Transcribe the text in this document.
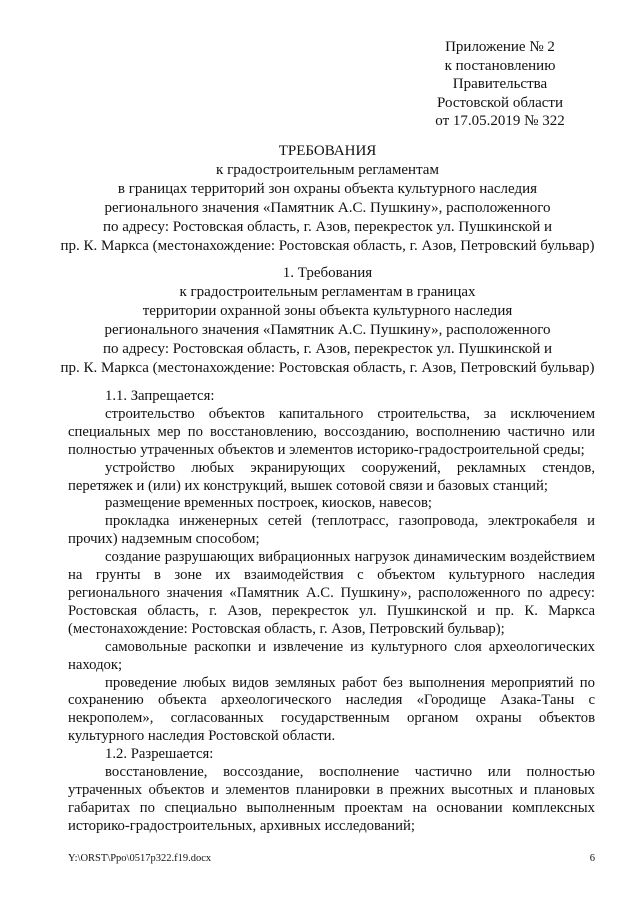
Приложение № 2
к постановлению
Правительства
Ростовской области
от 17.05.2019 № 322
ТРЕБОВАНИЯ
к градостроительным регламентам
в границах территорий зон охраны объекта культурного наследия
регионального значения «Памятник А.С. Пушкину», расположенного
по адресу: Ростовская область, г. Азов, перекресток ул. Пушкинской и
пр. К. Маркса (местонахождение: Ростовская область, г. Азов, Петровский бульвар)
1. Требования
к градостроительным регламентам в границах
территории охранной зоны объекта культурного наследия
регионального значения «Памятник А.С. Пушкину», расположенного
по адресу: Ростовская область, г. Азов, перекресток ул. Пушкинской и
пр. К. Маркса (местонахождение: Ростовская область, г. Азов, Петровский бульвар)

1.1. Запрещается:

строительство объектов капитального строительства, за исключением специальных мер по восстановлению, воссозданию, восполнению частично или полностью утраченных объектов и элементов историко-градостроительной среды;

устройство любых экранирующих сооружений, рекламных стендов, перетяжек и (или) их конструкций, вышек сотовой связи и базовых станций;

размещение временных построек, киосков, навесов;

прокладка инженерных сетей (теплотрасс, газопровода, электрокабеля и прочих) надземным способом;

создание разрушающих вибрационных нагрузок динамическим воздействием на грунты в зоне их взаимодействия с объектом культурного наследия регионального значения «Памятник А.С. Пушкину», расположенного по адресу: Ростовская область, г. Азов, перекресток ул. Пушкинской и пр. К. Маркса (местонахождение: Ростовская область, г. Азов, Петровский бульвар);

самовольные раскопки и извлечение из культурного слоя археологических находок;

проведение любых видов земляных работ без выполнения мероприятий по сохранению объекта археологического наследия «Городище Азака-Таны с некрополем», согласованных государственным органом охраны объектов культурного наследия Ростовской области.

1.2. Разрешается:

восстановление, воссоздание, восполнение частично или полностью утраченных объектов и элементов планировки в прежних высотных и плановых габаритах по специально выполненным проектам на основании комплексных историко-градостроительных, архивных исследований;

Y:\ORST\Ppo\0517p322.f19.docx	6
